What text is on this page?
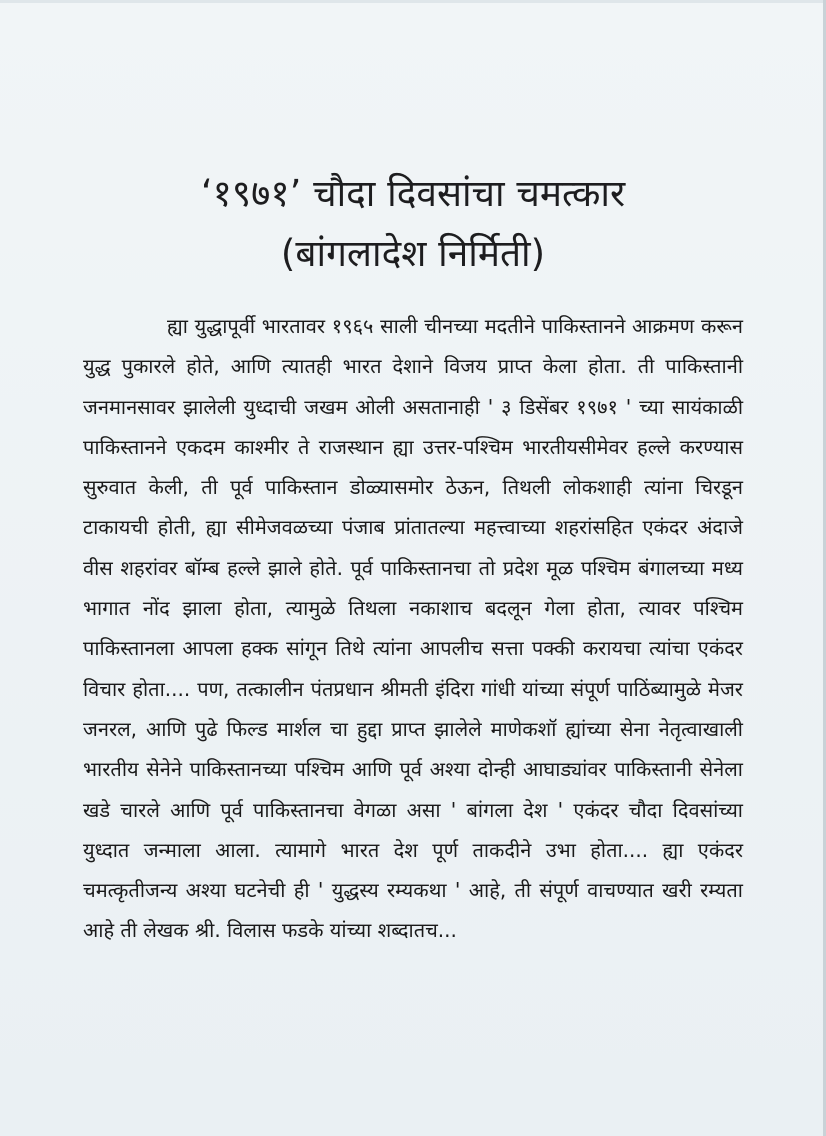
‘१९७१’ चौदा दिवसांचा चमत्कार
(बांगलादेश निर्मिती)

ह्या युद्धापूर्वी भारतावर १९६५ साली चीनच्या मदतीने पाकिस्तानने आक्रमण करून युद्ध पुकारले होते, आणि त्यातही भारत देशाने विजय प्राप्त केला होता. ती पाकिस्तानी जनमानसावर झालेली युध्दाची जखम ओली असतानाही ' ३ डिसेंबर १९७१ ' च्या सायंकाळी पाकिस्तानने एकदम काश्मीर ते राजस्थान ह्या उत्तर-पश्चिम भारतीयसीमेवर हल्ले करण्यास सुरुवात केली, ती पूर्व पाकिस्तान डोळ्यासमोर ठेऊन, तिथली लोकशाही त्यांना चिरडून टाकायची होती, ह्या सीमेजवळच्या पंजाब प्रांतातल्या महत्त्वाच्या शहरांसहित एकंदर अंदाजे वीस शहरांवर बॉम्ब हल्ले झाले होते. पूर्व पाकिस्तानचा तो प्रदेश मूळ पश्चिम बंगालच्या मध्य भागात नोंद झाला होता, त्यामुळे तिथला नकाशाच बदलून गेला होता, त्यावर पश्चिम पाकिस्तानला आपला हक्क सांगून तिथे त्यांना आपलीच सत्ता पक्की करायचा त्यांचा एकंदर विचार होता.... पण, तत्कालीन पंतप्रधान श्रीमती इंदिरा गांधी यांच्या संपूर्ण पाठिंब्यामुळे मेजर जनरल, आणि पुढे फिल्ड मार्शल चा हुद्दा प्राप्त झालेले माणेकशॉ ह्यांच्या सेना नेतृत्वाखाली भारतीय सेनेने पाकिस्तानच्या पश्चिम आणि पूर्व अश्या दोन्ही आघाड्यांवर पाकिस्तानी सेनेला खडे चारले आणि पूर्व पाकिस्तानचा वेगळा असा ' बांगला देश ' एकंदर चौदा दिवसांच्या युध्दात जन्माला आला. त्यामागे भारत देश पूर्ण ताकदीने उभा होता.... ह्या एकंदर चमत्कृतीजन्य अश्या घटनेची ही ' युद्धस्य रम्यकथा ' आहे, ती संपूर्ण वाचण्यात खरी रम्यता आहे ती लेखक श्री. विलास फडके यांच्या शब्दातच...
